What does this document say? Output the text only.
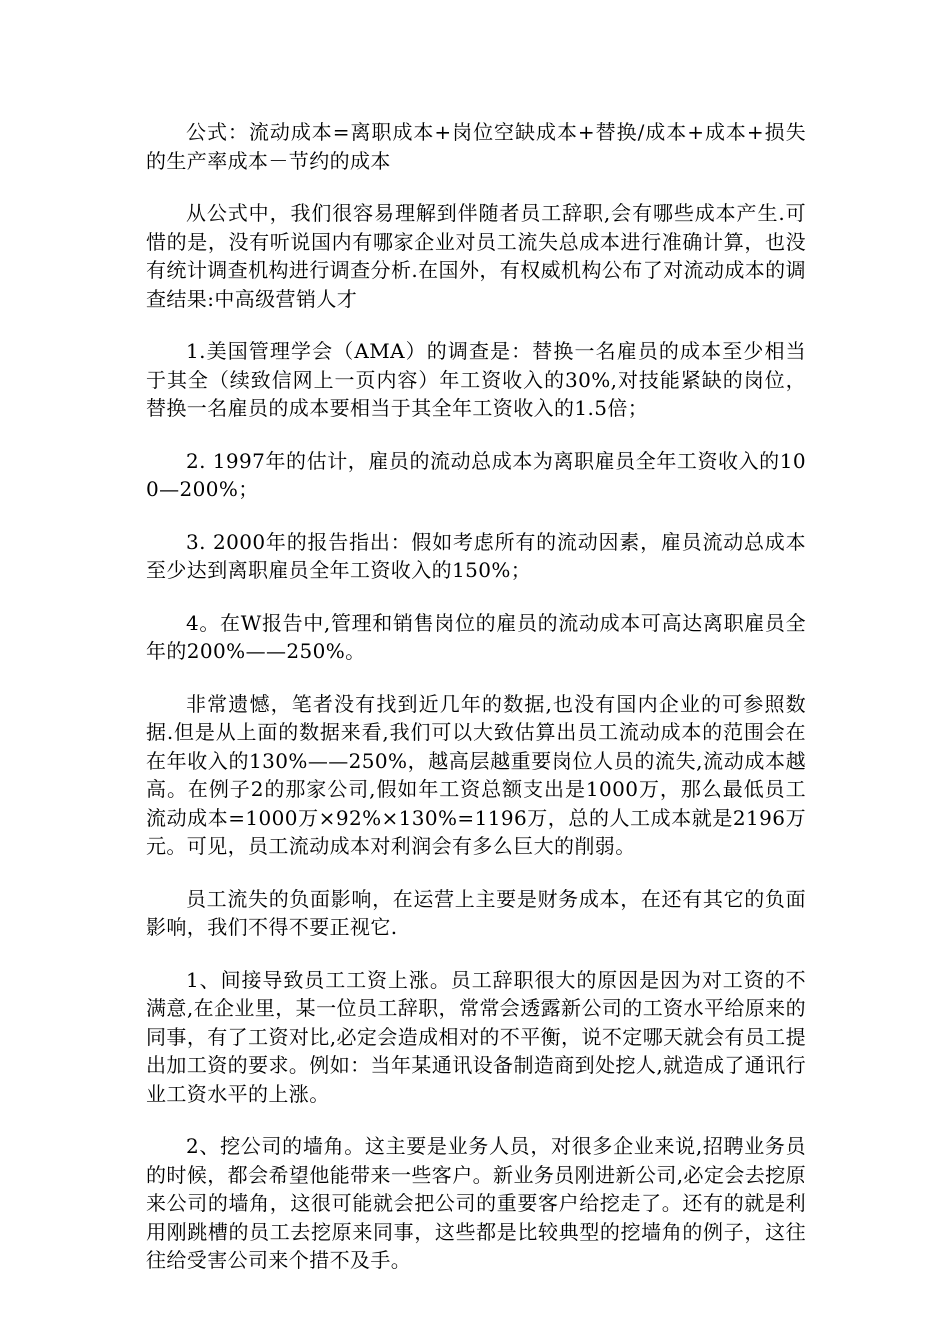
公式：流动成本=离职成本+岗位空缺成本+替换/成本+成本+损失的生产率成本－节约的成本

从公式中，我们很容易理解到伴随者员工辞职,会有哪些成本产生.可惜的是，没有听说国内有哪家企业对员工流失总成本进行准确计算，也没有统计调查机构进行调查分析.在国外，有权威机构公布了对流动成本的调查结果:中高级营销人才

1.美国管理学会（AMA）的调查是：替换一名雇员的成本至少相当于其全（续致信网上一页内容）年工资收入的30%,对技能紧缺的岗位，替换一名雇员的成本要相当于其全年工资收入的1.5倍；

2. 1997年的估计，雇员的流动总成本为离职雇员全年工资收入的100—200%；

3. 2000年的报告指出：假如考虑所有的流动因素，雇员流动总成本至少达到离职雇员全年工资收入的150%；

4。在W报告中,管理和销售岗位的雇员的流动成本可高达离职雇员全年的200%——250%。

非常遗憾，笔者没有找到近几年的数据,也没有国内企业的可参照数据.但是从上面的数据来看,我们可以大致估算出员工流动成本的范围会在在年收入的130%——250%，越高层越重要岗位人员的流失,流动成本越高。在例子2的那家公司,假如年工资总额支出是1000万，那么最低员工流动成本=1000万×92%×130%=1196万，总的人工成本就是2196万元。可见，员工流动成本对利润会有多么巨大的削弱。

员工流失的负面影响，在运营上主要是财务成本，在还有其它的负面影响，我们不得不要正视它.

1、间接导致员工工资上涨。员工辞职很大的原因是因为对工资的不满意,在企业里，某一位员工辞职，常常会透露新公司的工资水平给原来的同事，有了工资对比,必定会造成相对的不平衡，说不定哪天就会有员工提出加工资的要求。例如：当年某通讯设备制造商到处挖人,就造成了通讯行业工资水平的上涨。

2、挖公司的墙角。这主要是业务人员，对很多企业来说,招聘业务员的时候，都会希望他能带来一些客户。新业务员刚进新公司,必定会去挖原来公司的墙角，这很可能就会把公司的重要客户给挖走了。还有的就是利用刚跳槽的员工去挖原来同事，这些都是比较典型的挖墙角的例子，这往往给受害公司来个措不及手。
